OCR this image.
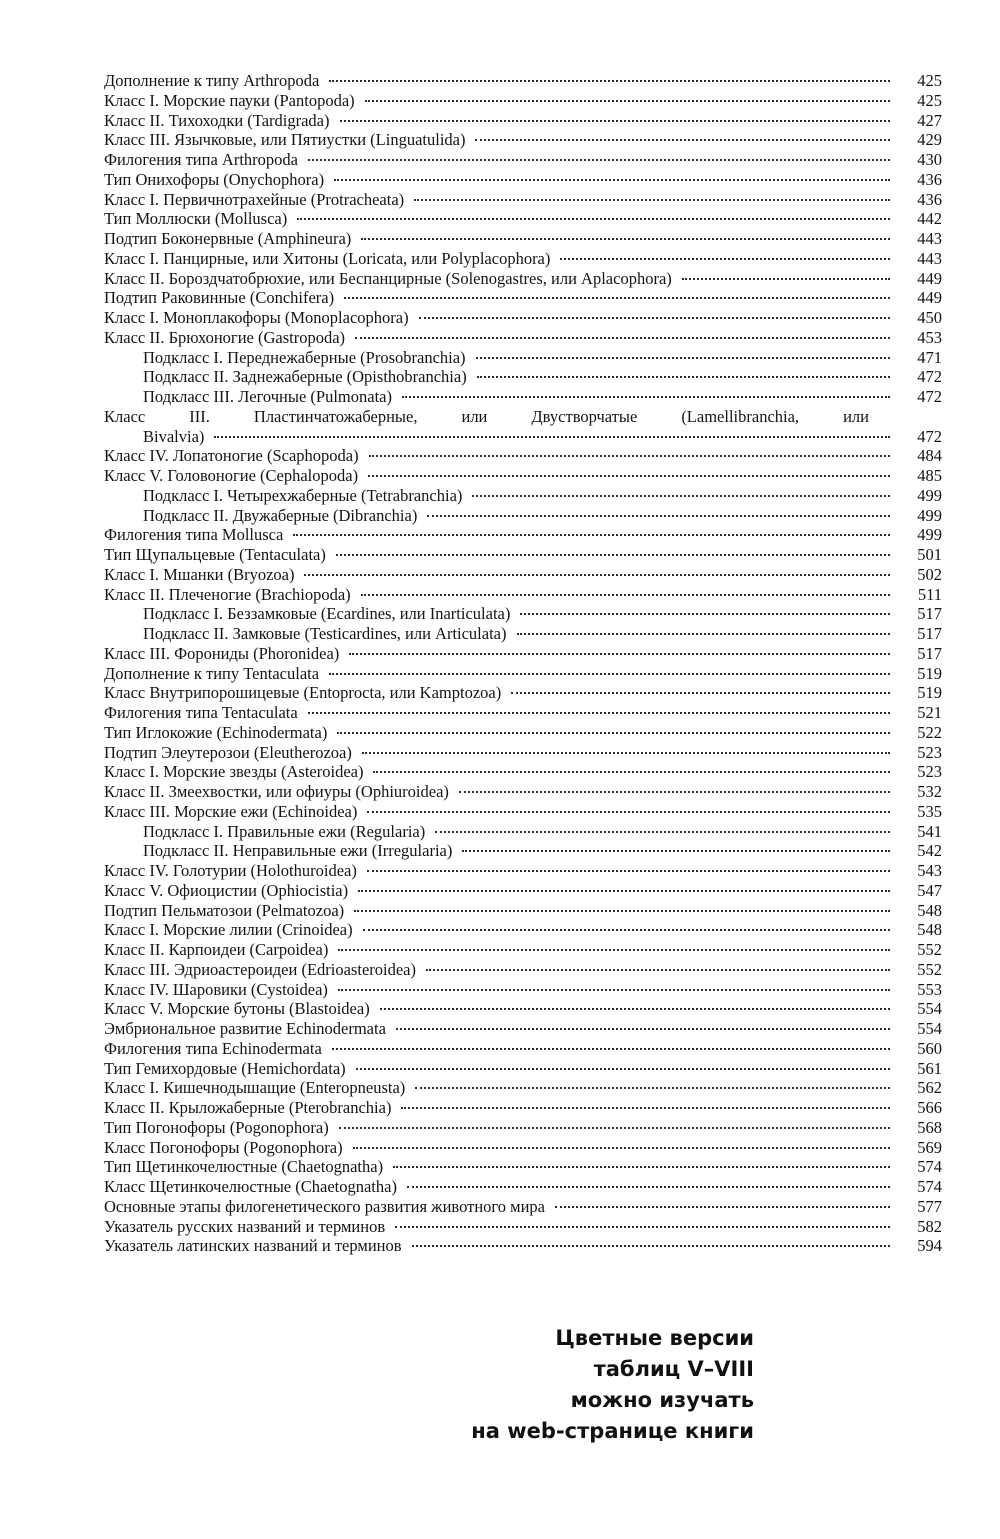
Дополнение к типу Arthropoda	425
Класс I. Морские пауки (Pantopoda)	425
Класс II. Тихоходки (Tardigrada)	427
Класс III. Язычковые, или Пятиустки (Linguatulida)	429
Филогения типа Arthropoda	430
Тип Онихофоры (Onychophora)	436
Класс I. Первичнотрахейные (Protracheata)	436
Тип Моллюски (Mollusca)	442
Подтип Боконервные (Amphineura)	443
Класс I. Панцирные, или Хитоны (Loricata, или Polyplacophora)	443
Класс II. Бороздчатобрюхие, или Беспанцирные (Solenogastres, или Aplacophora)	449
Подтип Раковинные (Conchifera)	449
Класс I. Моноплакофоры (Monoplacophora)	450
Класс II. Брюхоногие (Gastropoda)	453
Подкласс I. Переднежаберные (Prosobranchia)	471
Подкласс II. Заднежаберные (Opisthobranchia)	472
Подкласс III. Легочные (Pulmonata)	472
Класс III. Пластинчатожаберные, или Двустворчатые (Lamellibranchia, или
Bivalvia)	472
Класс IV. Лопатоногие (Scaphopoda)	484
Класс V. Головоногие (Cephalopoda)	485
Подкласс I. Четырехжаберные (Tetrabranchia)	499
Подкласс II. Двужаберные (Dibranchia)	499
Филогения типа Mollusca	499
Тип Щупальцевые (Tentaculata)	501
Класс I. Мшанки (Bryozoa)	502
Класс II. Плеченогие (Brachiopoda)	511
Подкласс I. Беззамковые (Ecardines, или Inarticulata)	517
Подкласс II. Замковые (Testicardines, или Articulata)	517
Класс III. Форониды (Phoronidea)	517
Дополнение к типу Tentaculata	519
Класс Внутрипорошицевые (Entoprocta, или Kamptozoa)	519
Филогения типа Tentaculata	521
Тип Иглокожие (Echinodermata)	522
Подтип Элеутерозои (Eleutherozoa)	523
Класс I. Морские звезды (Asteroidea)	523
Класс II. Змеехвостки, или офиуры (Ophiuroidea)	532
Класс III. Морские ежи (Echinoidea)	535
Подкласс I. Правильные ежи (Regularia)	541
Подкласс II. Неправильные ежи (Irregularia)	542
Класс IV. Голотурии (Holothuroidea)	543
Класс V. Офиоцистии (Ophiocistia)	547
Подтип Пельматозои (Pelmatozoa)	548
Класс I. Морские лилии (Crinoidea)	548
Класс II. Карпоидеи (Carpoidea)	552
Класс III. Эдриоастероидеи (Edrioasteroidea)	552
Класс IV. Шаровики (Cystoidea)	553
Класс V. Морские бутоны (Blastoidea)	554
Эмбриональное развитие Echinodermata	554
Филогения типа Echinodermata	560
Тип Гемихордовые (Hemichordata)	561
Класс I. Кишечнодышащие (Enteropneusta)	562
Класс II. Крыложаберные (Pterobranchia)	566
Тип Погонофоры (Pogonophora)	568
Класс Погонофоры (Pogonophora)	569
Тип Щетинкочелюстные (Chaetognatha)	574
Класс Щетинкочелюстные (Chaetognatha)	574
Основные этапы филогенетического развития животного мира	577
Указатель русских названий и терминов	582
Указатель латинских названий и терминов	594
Цветные версии
таблиц V–VIII
можно изучать
на web-странице книги
